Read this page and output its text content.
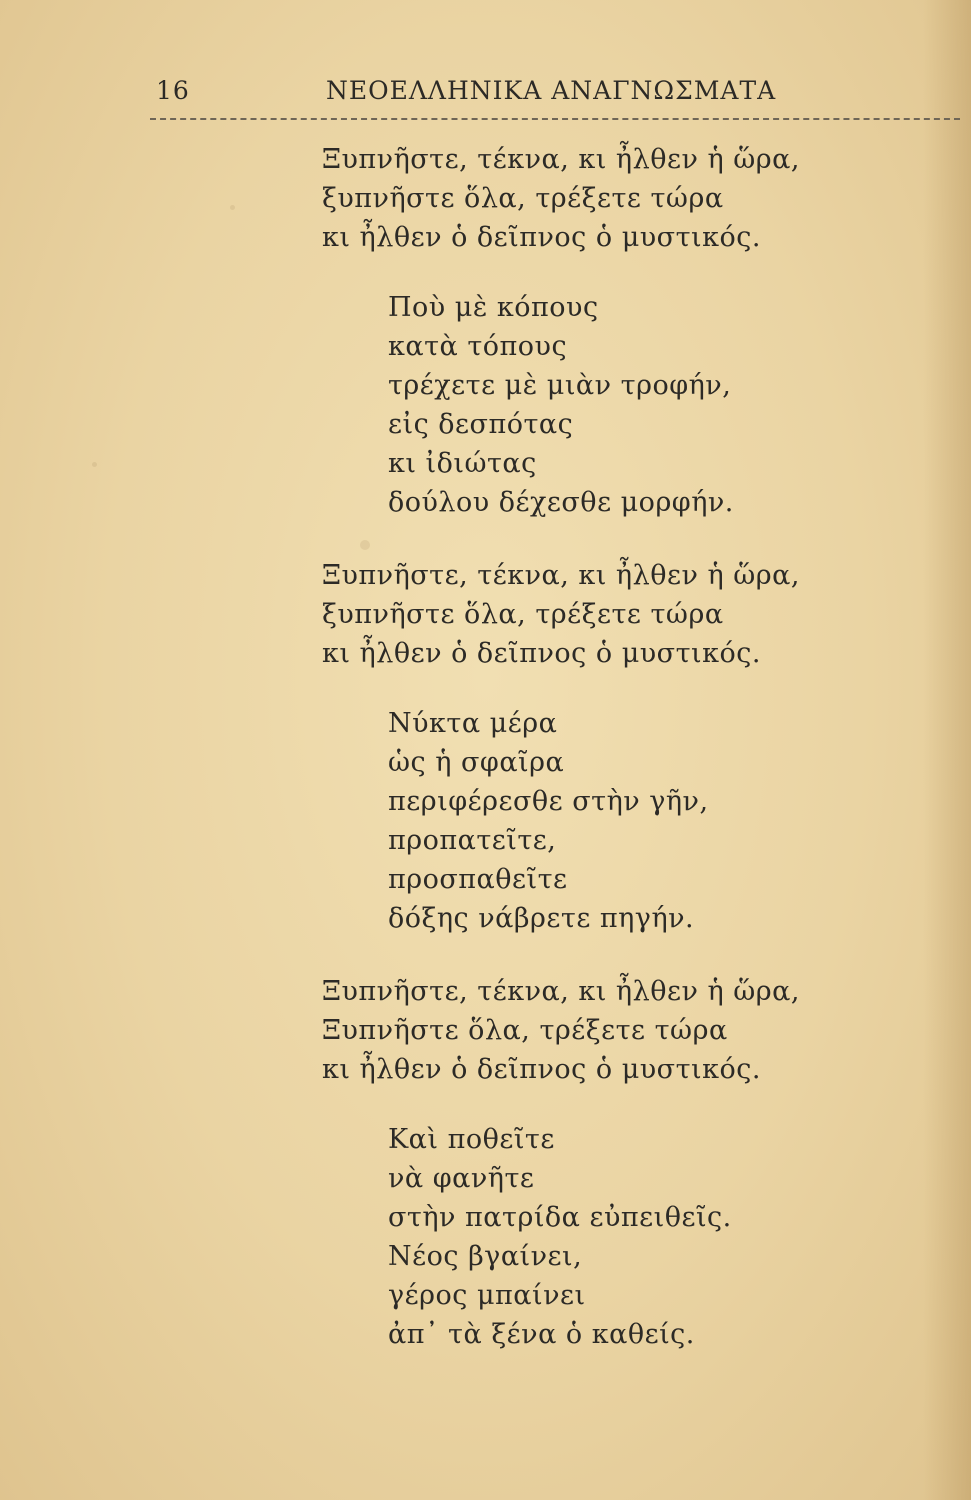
16	ΝΕΟΕΛΛΗΝΙΚΑ ΑΝΑΓΝΩΣΜΑΤΑ
Ξυπνῆστε, τέκνα, κι ἦλθεν ἡ ὥρα,
ξυπνῆστε ὅλα, τρέξετε τώρα
κι ἦλθεν ὁ δεῖπνος ὁ μυστικός.
Ποὺ μὲ κόπους
κατὰ τόπους
τρέχετε μὲ μιὰν τροφήν,
εἰς δεσπότας
κι ἰδιώτας
δούλου δέχεσθε μορφήν.
Ξυπνῆστε, τέκνα, κι ἦλθεν ἡ ὥρα,
ξυπνῆστε ὅλα, τρέξετε τώρα
κι ἦλθεν ὁ δεῖπνος ὁ μυστικός.
Νύκτα μέρα
ὡς ἡ σφαῖρα
περιφέρεσθε στὴν γῆν,
προπατεῖτε,
προσπαθεῖτε
δόξης νάβρετε πηγήν.
Ξυπνῆστε, τέκνα, κι ἦλθεν ἡ ὥρα,
Ξυπνῆστε ὅλα, τρέξετε τώρα
κι ἦλθεν ὁ δεῖπνος ὁ μυστικός.
Καὶ ποθεῖτε
νὰ φανῆτε
στὴν πατρίδα εὐπειθεῖς.
Νέος βγαίνει,
γέρος μπαίνει
ἀπ᾽ τὰ ξένα ὁ καθείς.
